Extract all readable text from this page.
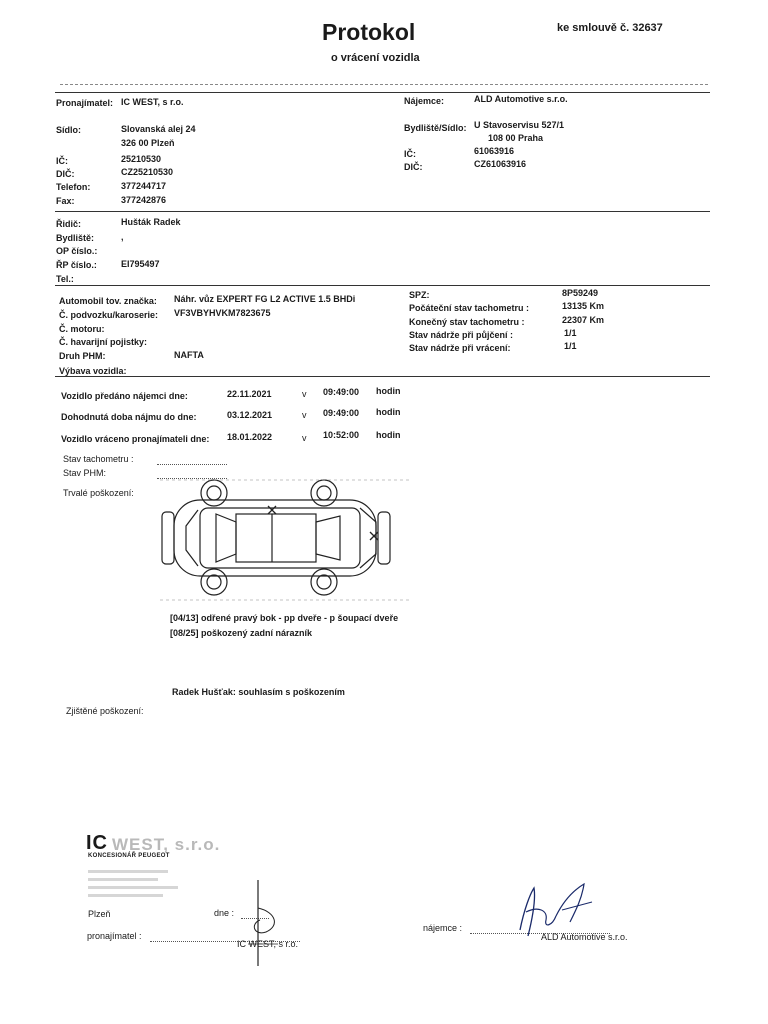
Protokol
o vrácení vozidla
ke smlouvě č. 32637
Pronajímatel: IC WEST, s r.o.
Sídlo:	Slovanská alej 24
326 00 Plzeň
IČ:	25210530
DIČ:	CZ25210530
Telefon:	377244717
Fax:	377242876
Nájemce:	ALD Automotive s.r.o.
Bydliště/Sídlo: U Stavoservisu 527/1
108 00 Praha
IČ:	61063916
DIČ:	CZ61063916
Řidič:	Hušták Radek
Bydliště:	,
OP číslo.:
ŘP číslo.:	EI795497
Tel.:
Automobil tov. značka: Náhr. vůz EXPERT FG L2 ACTIVE 1.5 BHDi
Č. podvozku/karoserie: VF3VBYHVKM7823675
Č. motoru:
Č. havarijní pojistky:
Druh PHM:	NAFTA
Výbava vozidla:
SPZ:	8P59249
Počáteční stav tachometru :	13135 Km
Konečný stav tachometru :	22307 Km
Stav nádrže při půjčení :	1/1
Stav nádrže při vrácení:	1/1
Vozidlo předáno nájemci dne:	22.11.2021	v 09:49:00 hodin
Dohodnutá doba nájmu do dne:	03.12.2021	v 09:49:00 hodin
Vozidlo vráceno pronajímateli dne: 18.01.2022	v 10:52:00 hodin
Stav tachometru :
Stav PHM:
Trvalé poškození:
[04/13] odřené pravý bok - pp dveře - p šoupací dveře
[08/25] poškozený zadní nárazník
Radek Hušťak: souhlasím s poškozením
Zjištěné poškození:
IC WEST, s.r.o.
KONCESIONÁŘ PEUGEOT
Plzeň	dne :
pronajímatel :
IC WEST, s r.o.
nájemce :
ALD Automotive s.r.o.
